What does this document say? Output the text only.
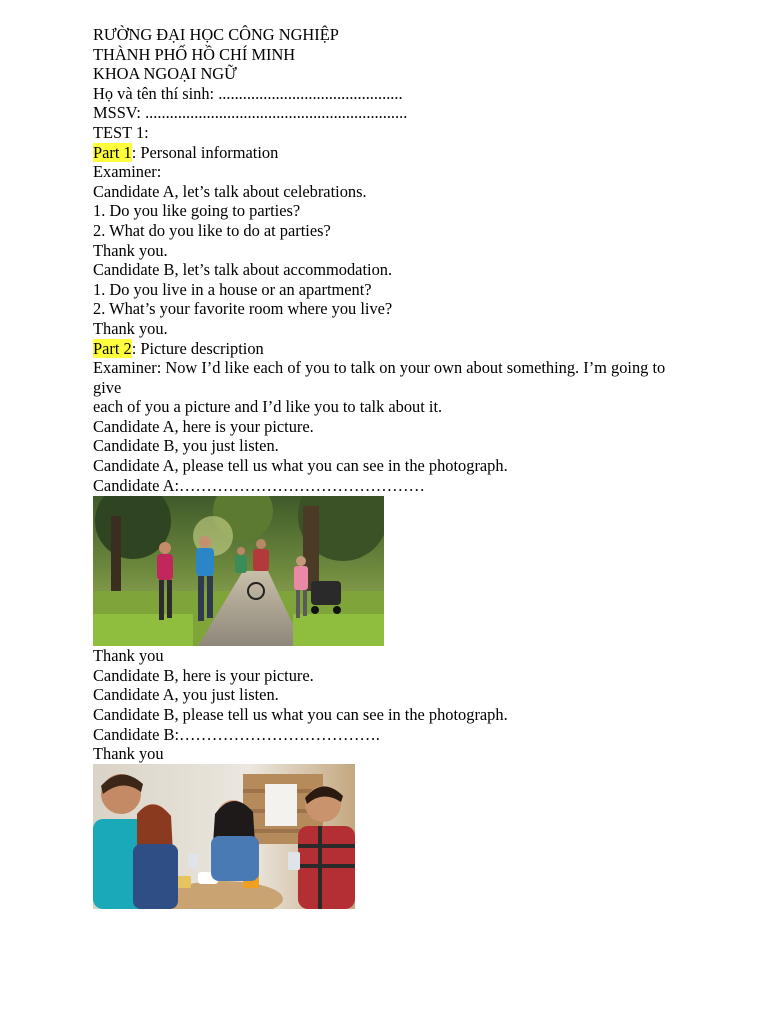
RƯỜNG ĐẠI HỌC CÔNG NGHIỆP
THÀNH PHỐ HỒ CHÍ MINH
KHOA NGOẠI NGỮ
Họ và tên thí sinh: .............................................
MSSV: ................................................................
TEST 1:
Part 1: Personal information
Examiner:
Candidate A, let’s talk about celebrations.
1. Do you like going to parties?
2. What do you like to do at parties?
Thank you.
Candidate B, let’s talk about accommodation.
1. Do you live in a house or an apartment?
2. What’s your favorite room where you live?
Thank you.
Part 2: Picture description
Examiner: Now I’d like each of you to talk on your own about something. I’m going to give
each of you a picture and I’d like you to talk about it.
Candidate A, here is your picture.
Candidate B, you just listen.
Candidate A, please tell us what you can see in the photograph.
Candidate A:………………………………………
Thank you
Candidate B, here is your picture.
Candidate A, you just listen.
Candidate B, please tell us what you can see in the photograph.
Candidate B:……………………………….
Thank you
